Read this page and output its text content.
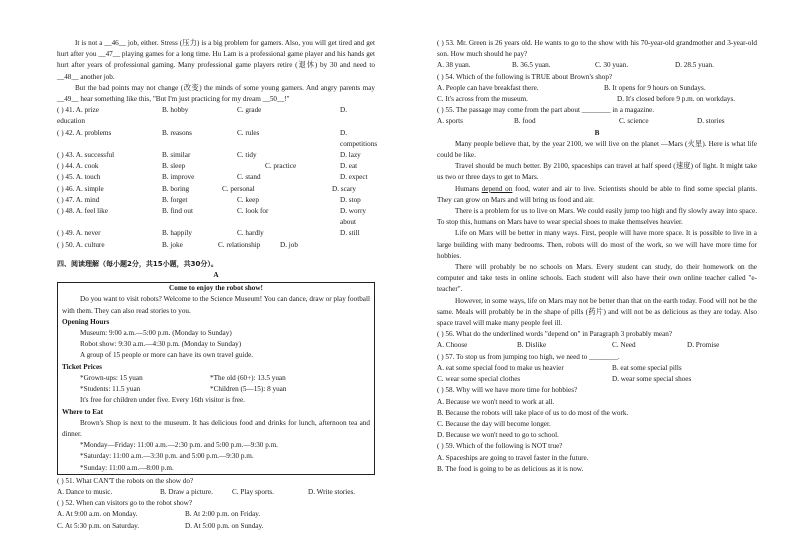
It is not a __46__ job, either. Stress (压力) is a big problem for gamers. Also, you will get tired and get hurt after you __47__ playing games for a long time. Hu Lam is a professional game player and his hands get hurt after years of professional gaming. Many professional game players retire (退休) by 30 and need to __48__ another job.

But the bad points may not change (改变) the minds of some young gamers. And angry parents may __49__ hear something like this, "But I'm just practicing for my dream __50__!"

( ) 41. A. prize	B. hobby	C. grade	D.
education
( ) 42. A. problems	B. reasons	C. rules	D. competitions
( ) 43. A. successful	B. similar	C. tidy	D. lazy
( ) 44. A. cook	B. sleep	C. practice	D. eat
( ) 45. A. touch	B. improve	C. stand	D. expect
( ) 46. A. simple	B. boring	C. personal	D. scary
( ) 47. A. mind	B. forget	C. keep	D. stop
( ) 48. A. feel like	B. find out	C. look for	D. worry about
( ) 49. A. never	B. happily	C. hardly	D. still
( ) 50. A. culture	B. joke	C. relationship	D. job
四、阅读理解（每小题2分，共15小题，共30分）。
A
Come to enjoy the robot show!

Do you want to visit robots? Welcome to the Science Museum! You can dance, draw or play football with them. They can also read stories to you.

Opening Hours
Museum: 9:00 a.m.—5:00 p.m. (Monday to Sunday)
Robot show: 9:30 a.m.—4:30 p.m. (Monday to Sunday)
A group of 15 people or more can have its own travel guide.
Ticket Prices
*Grown-ups: 15 yuan	*The old (60+): 13.5 yuan
*Students: 11.5 yuan	*Children (5—15): 8 yuan
It's free for children under five. Every 16th visitor is free.
Where to Eat

Brown's Shop is next to the museum. It has delicious food and drinks for lunch, afternoon tea and dinner.

*Monday—Friday: 11:00 a.m.—2:30 p.m. and 5:00 p.m.—9:30 p.m.
*Saturday: 11:00 a.m.—3:30 p.m. and 5:00 p.m.—9:30 p.m.
*Sunday: 11:00 a.m.—8:00 p.m.
( ) 51. What CAN'T the robots on the show do?
A. Dance to music.	B. Draw a picture.	C. Play sports.	D. Write stories.
( ) 52. When can visitors go to the robot show?
A. At 9:00 a.m. on Monday.	B. At 2:00 p.m. on Friday.
C. At 5:30 p.m. on Saturday.	D. At 5:00 p.m. on Sunday.

( ) 53. Mr. Green is 26 years old. He wants to go to the show with his 70-year-old grandmother and 3-year-old son. How much should he pay?

A. 38 yuan.	B. 36.5 yuan.	C. 30 yuan.	D. 28.5 yuan.
( ) 54. Which of the following is TRUE about Brown's shop?
A. People can have breakfast there.	B. It opens for 9 hours on Sundays.
C. It's across from the museum.	D. It's closed before 9 p.m. on workdays.
( ) 55. The passage may come from the part about ________ in a magazine.
A. sports	B. food	C. science	D. stories
B

Many people believe that, by the year 2100, we will live on the planet —Mars (火星). Here is what life could be like.

Travel should be much better. By 2100, spaceships can travel at half speed (速度) of light. It might take us two or three days to get to Mars.

Humans depend on food, water and air to live. Scientists should be able to find some special plants. They can grow on Mars and will bring us food and air.

There is a problem for us to live on Mars. We could easily jump too high and fly slowly away into space. To stop this, humans on Mars have to wear special shoes to make themselves heavier.

Life on Mars will be better in many ways. First, people will have more space. It is possible to live in a large building with many bedrooms. Then, robots will do most of the work, so we will have more time for hobbies.

There will probably be no schools on Mars. Every student can study, do their homework on the computer and take tests in online schools. Each student will also have their own online teacher called "e-teacher".

However, in some ways, life on Mars may not be better than that on the earth today. Food will not be the same. Meals will probably be in the shape of pills (药片) and will not be as delicious as they are today. Also space travel will make many people feel ill.

( ) 56. What do the underlined words "depend on" in Paragraph 3 probably mean?
A. Choose	B. Dislike	C. Need	D. Promise
( ) 57. To stop us from jumping too high, we need to ________.
A. eat some special food to make us heavier	B. eat some special pills
C. wear some special clothes	D. wear some special shoes
( ) 58. Why will we have more time for hobbies?
A. Because we won't need to work at all.
B. Because the robots will take place of us to do most of the work.
C. Because the day will become longer.
D. Because we won't need to go to school.
( ) 59. Which of the following is NOT true?
A. Spaceships are going to travel faster in the future.
B. The food is going to be as delicious as it is now.
